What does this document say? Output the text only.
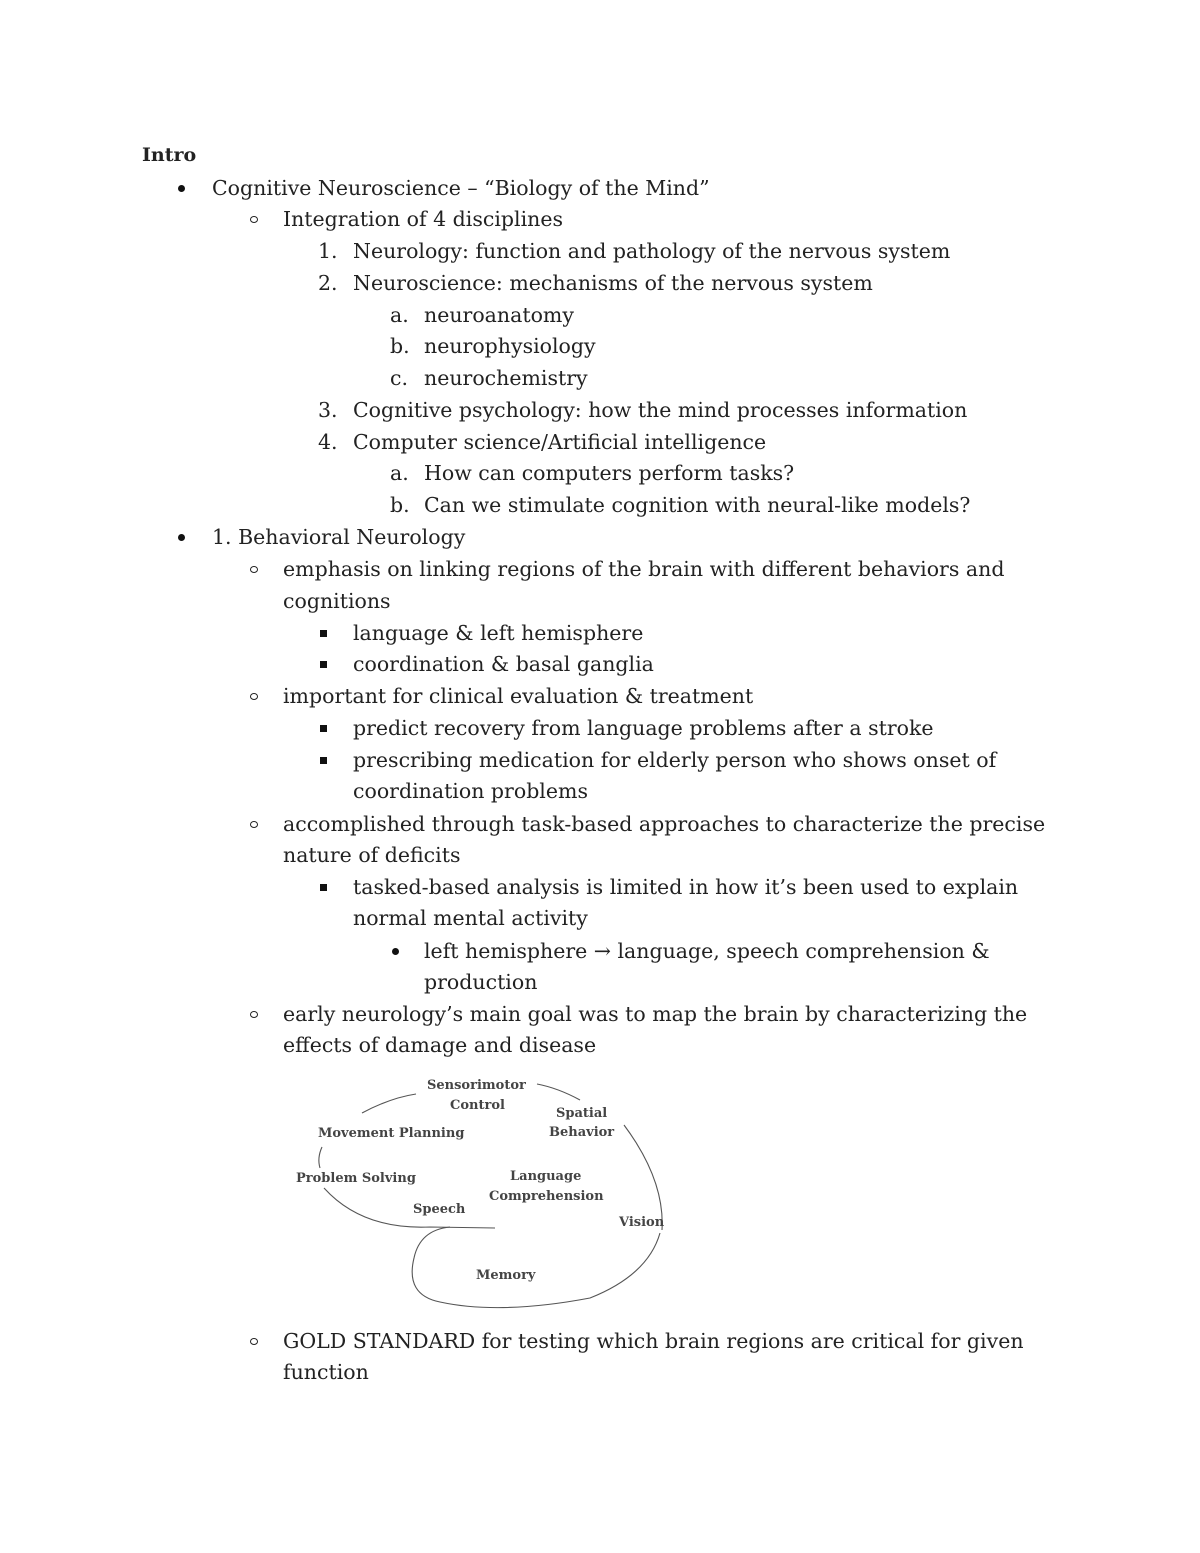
Intro
Cognitive Neuroscience – “Biology of the Mind”
Integration of 4 disciplines
1. Neurology: function and pathology of the nervous system
2. Neuroscience: mechanisms of the nervous system
a. neuroanatomy
b. neurophysiology
c. neurochemistry
3. Cognitive psychology: how the mind processes information
4. Computer science/Artificial intelligence
a. How can computers perform tasks?
b. Can we stimulate cognition with neural-like models?
1. Behavioral Neurology
emphasis on linking regions of the brain with different behaviors and
cognitions
language & left hemisphere
coordination & basal ganglia
important for clinical evaluation & treatment
predict recovery from language problems after a stroke
prescribing medication for elderly person who shows onset of
coordination problems
accomplished through task-based approaches to characterize the precise
nature of deficits
tasked-based analysis is limited in how it’s been used to explain
normal mental activity
left hemisphere → language, speech comprehension &
production
early neurology’s main goal was to map the brain by characterizing the
effects of damage and disease
Sensorimotor
Control
Spatial
Behavior
Movement Planning
Problem Solving	Language
Comprehension
Speech
Vision
Memory
GOLD STANDARD for testing which brain regions are critical for given
function
